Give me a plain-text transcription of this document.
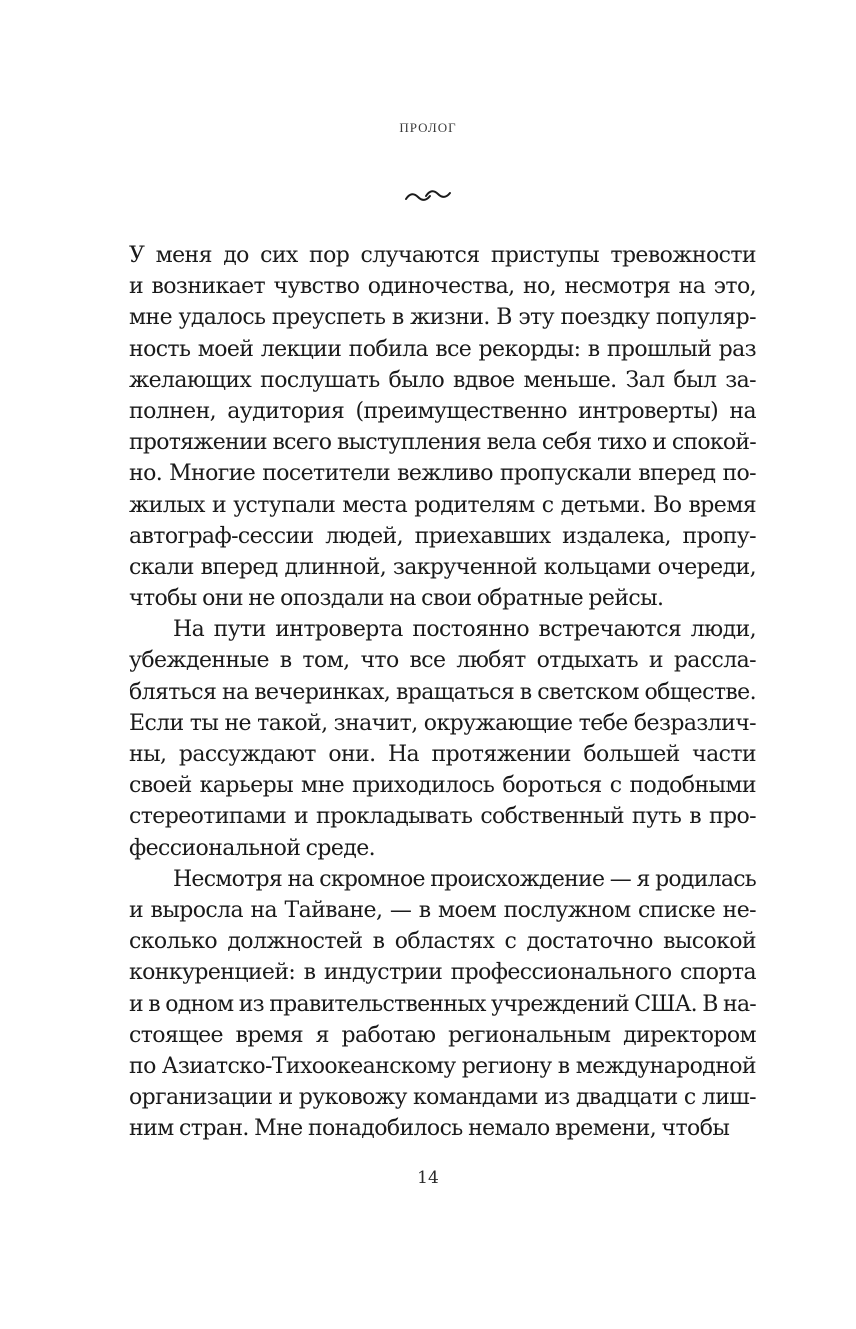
ПРОЛОГ
У меня до сих пор случаются приступы тревожности
и возникает чувство одиночества, но, несмотря на это,
мне удалось преуспеть в жизни. В эту поездку популяр-
ность моей лекции побила все рекорды: в прошлый раз
желающих послушать было вдвое меньше. Зал был за-
полнен, аудитория (преимущественно интроверты) на
протяжении всего выступления вела себя тихо и спокой-
но. Многие посетители вежливо пропускали вперед по-
жилых и уступали места родителям с детьми. Во время
автограф-сессии людей, приехавших издалека, пропу-
скали вперед длинной, закрученной кольцами очереди,
чтобы они не опоздали на свои обратные рейсы.
На пути интроверта постоянно встречаются люди,
убежденные в том, что все любят отдыхать и рассла-
бляться на вечеринках, вращаться в светском обществе.
Если ты не такой, значит, окружающие тебе безразлич-
ны, рассуждают они. На протяжении большей части
своей карьеры мне приходилось бороться с подобными
стереотипами и прокладывать собственный путь в про-
фессиональной среде.
Несмотря на скромное происхождение — я родилась
и выросла на Тайване, — в моем послужном списке не-
сколько должностей в областях с достаточно высокой
конкуренцией: в индустрии профессионального спорта
и в одном из правительственных учреждений США. В на-
стоящее время я работаю региональным директором
по Азиатско-Тихоокеанскому региону в международной
организации и руковожу командами из двадцати с лиш-
ним стран. Мне понадобилось немало времени, чтобы
14
